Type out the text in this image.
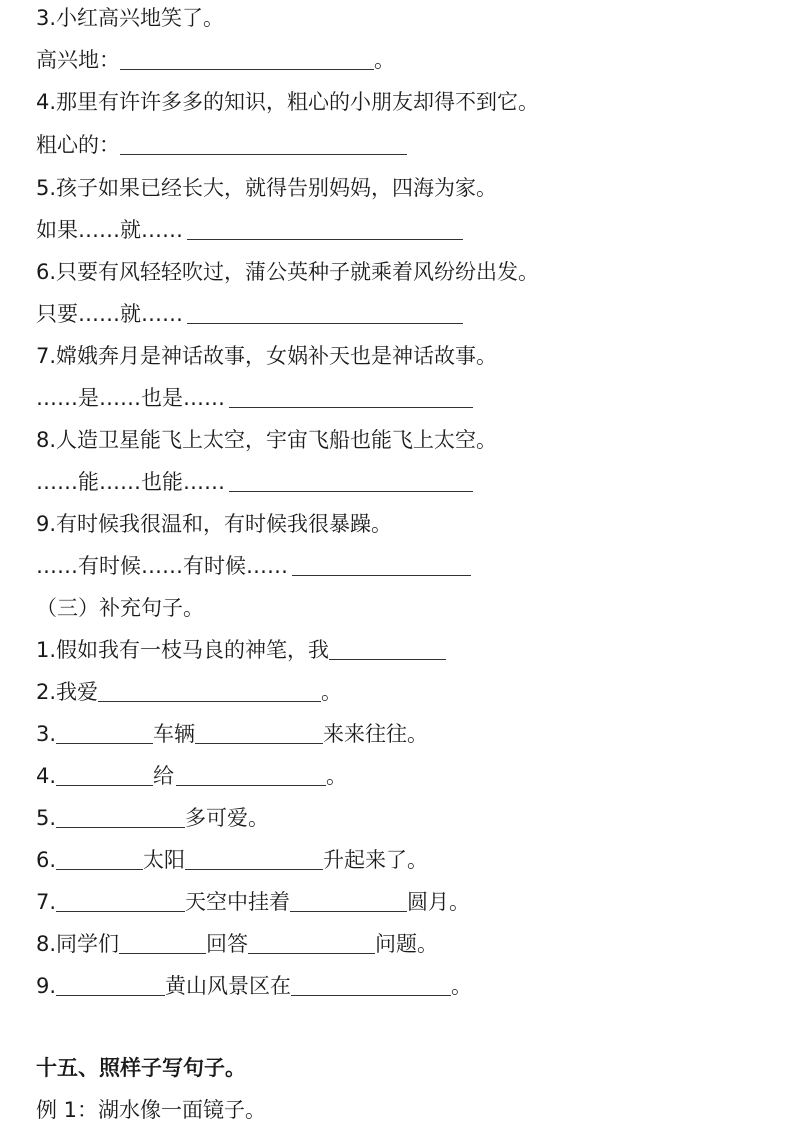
3.小红高兴地笑了。
高兴地：	。
4.那里有许许多多的知识，粗心的小朋友却得不到它。
粗心的：
5.孩子如果已经长大，就得告别妈妈，四海为家。
如果……就……
6.只要有风轻轻吹过，蒲公英种子就乘着风纷纷出发。
只要……就……
7.嫦娥奔月是神话故事，女娲补天也是神话故事。
……是……也是……
8.人造卫星能飞上太空，宇宙飞船也能飞上太空。
……能……也能……
9.有时候我很温和，有时候我很暴躁。
……有时候……有时候……
（三）补充句子。
1.假如我有一枝马良的神笔，我
2.我爱	。
3.	车辆	来来往往。
4.	给	。
5.	多可爱。
6.	太阳	升起来了。
7.	天空中挂着	圆月。
8.同学们	回答	问题。
9.	黄山风景区在	。
十五、照样子写句子。
例 1：湖水像一面镜子。
